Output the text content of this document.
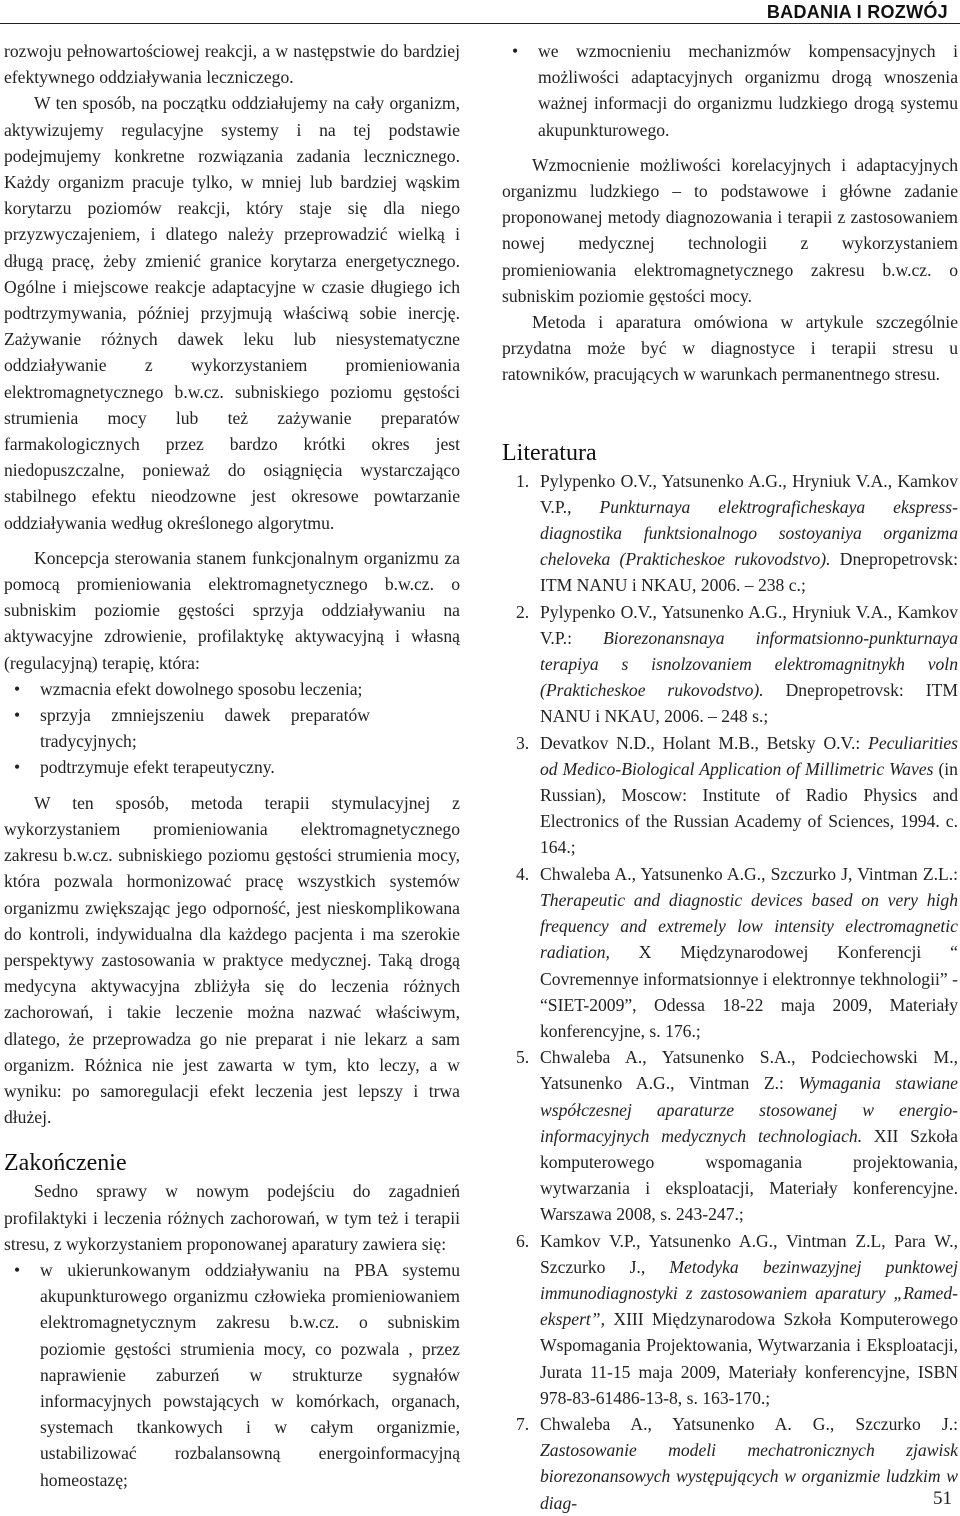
BADANIA I ROZWÓJ

rozwoju pełnowartościowej reakcji, a w następstwie do bardziej efektywnego oddziaływania leczniczego.

W ten sposób, na początku oddziałujemy na cały organizm, aktywizujemy regulacyjne systemy i na tej podstawie podejmujemy konkretne rozwiązania zadania lecznicznego. Każdy organizm pracuje tylko, w mniej lub bardziej wąskim korytarzu poziomów reakcji, który staje się dla niego przyzwyczajeniem, i dlatego należy przeprowadzić wielką i długą pracę, żeby zmienić granice korytarza energetycznego. Ogólne i miejscowe reakcje adaptacyjne w czasie długiego ich podtrzymywania, później przyjmują właściwą sobie inercję. Zażywanie różnych dawek leku lub niesystematyczne oddziaływanie z wykorzystaniem promieniowania elektromagnetycznego b.w.cz. subniskiego poziomu gęstości strumienia mocy lub też zażywanie preparatów farmakologicznych przez bardzo krótki okres jest niedopuszczalne, ponieważ do osiągnięcia wystarczająco stabilnego efektu nieodzowne jest okresowe powtarzanie oddziaływania według określonego algorytmu.

Koncepcja sterowania stanem funkcjonalnym organizmu za pomocą promieniowania elektromagnetycznego b.w.cz. o subniskim poziomie gęstości sprzyja oddziaływaniu na aktywacyjne zdrowienie, profilaktykę aktywacyjną i własną (regulacyjną) terapię, która:

• wzmacnia efekt dowolnego sposobu leczenia;
• sprzyja zmniejszeniu dawek preparatów tradycyjnych;
• podtrzymuje efekt terapeutyczny.

W ten sposób, metoda terapii stymulacyjnej z wykorzystaniem promieniowania elektromagnetycznego zakresu b.w.cz. subniskiego poziomu gęstości strumienia mocy, która pozwala hormonizować pracę wszystkich systemów organizmu zwiększając jego odporność, jest nieskomplikowana do kontroli, indywidualna dla każdego pacjenta i ma szerokie perspektywy zastosowania w praktyce medycznej. Taką drogą medycyna aktywacyjna zbliżyła się do leczenia różnych zachorowań, i takie leczenie można nazwać właściwym, dlatego, że przeprowadza go nie preparat i nie lekarz a sam organizm. Różnica nie jest zawarta w tym, kto leczy, a w wyniku: po samoregulacji efekt leczenia jest lepszy i trwa dłużej.

Zakończenie

Sedno sprawy w nowym podejściu do zagadnień profilaktyki i leczenia różnych zachorowań, w tym też i terapii stresu, z wykorzystaniem proponowanej aparatury zawiera się:

• w ukierunkowanym oddziaływaniu na PBA systemu akupunkturowego organizmu człowieka promieniowaniem elektromagnetycznym zakresu b.w.cz. o subniskim poziomie gęstości strumienia mocy, co pozwala , przez naprawienie zaburzeń w strukturze sygnałów informacyjnych powstających w komórkach, organach, systemach tkankowych i w całym organizmie, ustabilizować rozbalansowną energoinformacyjną homeostazę;
• we wzmocnieniu mechanizmów kompensacyjnych i możliwości adaptacyjnych organizmu drogą wnoszenia ważnej informacji do organizmu ludzkiego drogą systemu akupunkturowego.

Wzmocnienie możliwości korelacyjnych i adaptacyjnych organizmu ludzkiego – to podstawowe i główne zadanie proponowanej metody diagnozowania i terapii z zastosowaniem nowej medycznej technologii z wykorzystaniem promieniowania elektromagnetycznego zakresu b.w.cz. o subniskim poziomie gęstości mocy.

Metoda i aparatura omówiona w artykule szczególnie przydatna może być w diagnostyce i terapii stresu u ratowników, pracujących w warunkach permanentnego stresu.

Literatura
1. Pylypenko O.V., Yatsunenko A.G., Hryniuk V.A., Kamkov V.P., Punkturnaya elektrograficheskaya ekspress-diagnostika funktsionalnogo sostoyaniya organizma cheloveka (Prakticheskoe rukovodstvo). Dnepropetrovsk: ITM NANU i NKAU, 2006. – 238 c.;
2. Pylypenko O.V., Yatsunenko A.G., Hryniuk V.A., Kamkov V.P.: Biorezonansnaya informatsionno-punkturnaya terapiya s isnolzovaniem elektromagnitnykh voln (Prakticheskoe rukovodstvo). Dnepropetrovsk: ITM NANU i NKAU, 2006. – 248 s.;
3. Devatkov N.D., Holant M.B., Betsky O.V.: Peculiarities od Medico-Biological Application of Millimetric Waves (in Russian), Moscow: Institute of Radio Physics and Electronics of the Russian Academy of Sciences, 1994. c. 164.;
4. Chwaleba A., Yatsunenko A.G., Szczurko J, Vintman Z.L.: Therapeutic and diagnostic devices based on very high frequency and extremely low intensity electromagnetic radiation, X Międzynarodowej Konferencji “ Covremennye informatsionnye i elektronnye tekhnologii” - “SIET-2009”, Odessa 18-22 maja 2009, Materiały konferencyjne, s. 176.;
5. Chwaleba A., Yatsunenko S.A., Podciechowski M., Yatsunenko A.G., Vintman Z.: Wymagania stawiane współczesnej aparaturze stosowanej w energio-informacyjnych medycznych technologiach. XII Szkoła komputerowego wspomagania projektowania, wytwarzania i eksploatacji, Materiały konferencyjne. Warszawa 2008, s. 243-247.;
6. Kamkov V.P., Yatsunenko A.G., Vintman Z.L, Para W., Szczurko J., Metodyka bezinwazyjnej punktowej immunodiagnostyki z zastosowaniem aparatury „Ramed-ekspert”, XIII Międzynarodowa Szkoła Komputerowego Wspomagania Projektowania, Wytwarzania i Eksploatacji, Jurata 11-15 maja 2009, Materiały konferencyjne, ISBN 978-83-61486-13-8, s. 163-170.;
7. Chwaleba A., Yatsunenko A. G., Szczurko J.: Zastosowanie modeli mechatronicznych zjawisk biorezonansowych występujących w organizmie ludzkim w diag-	51
